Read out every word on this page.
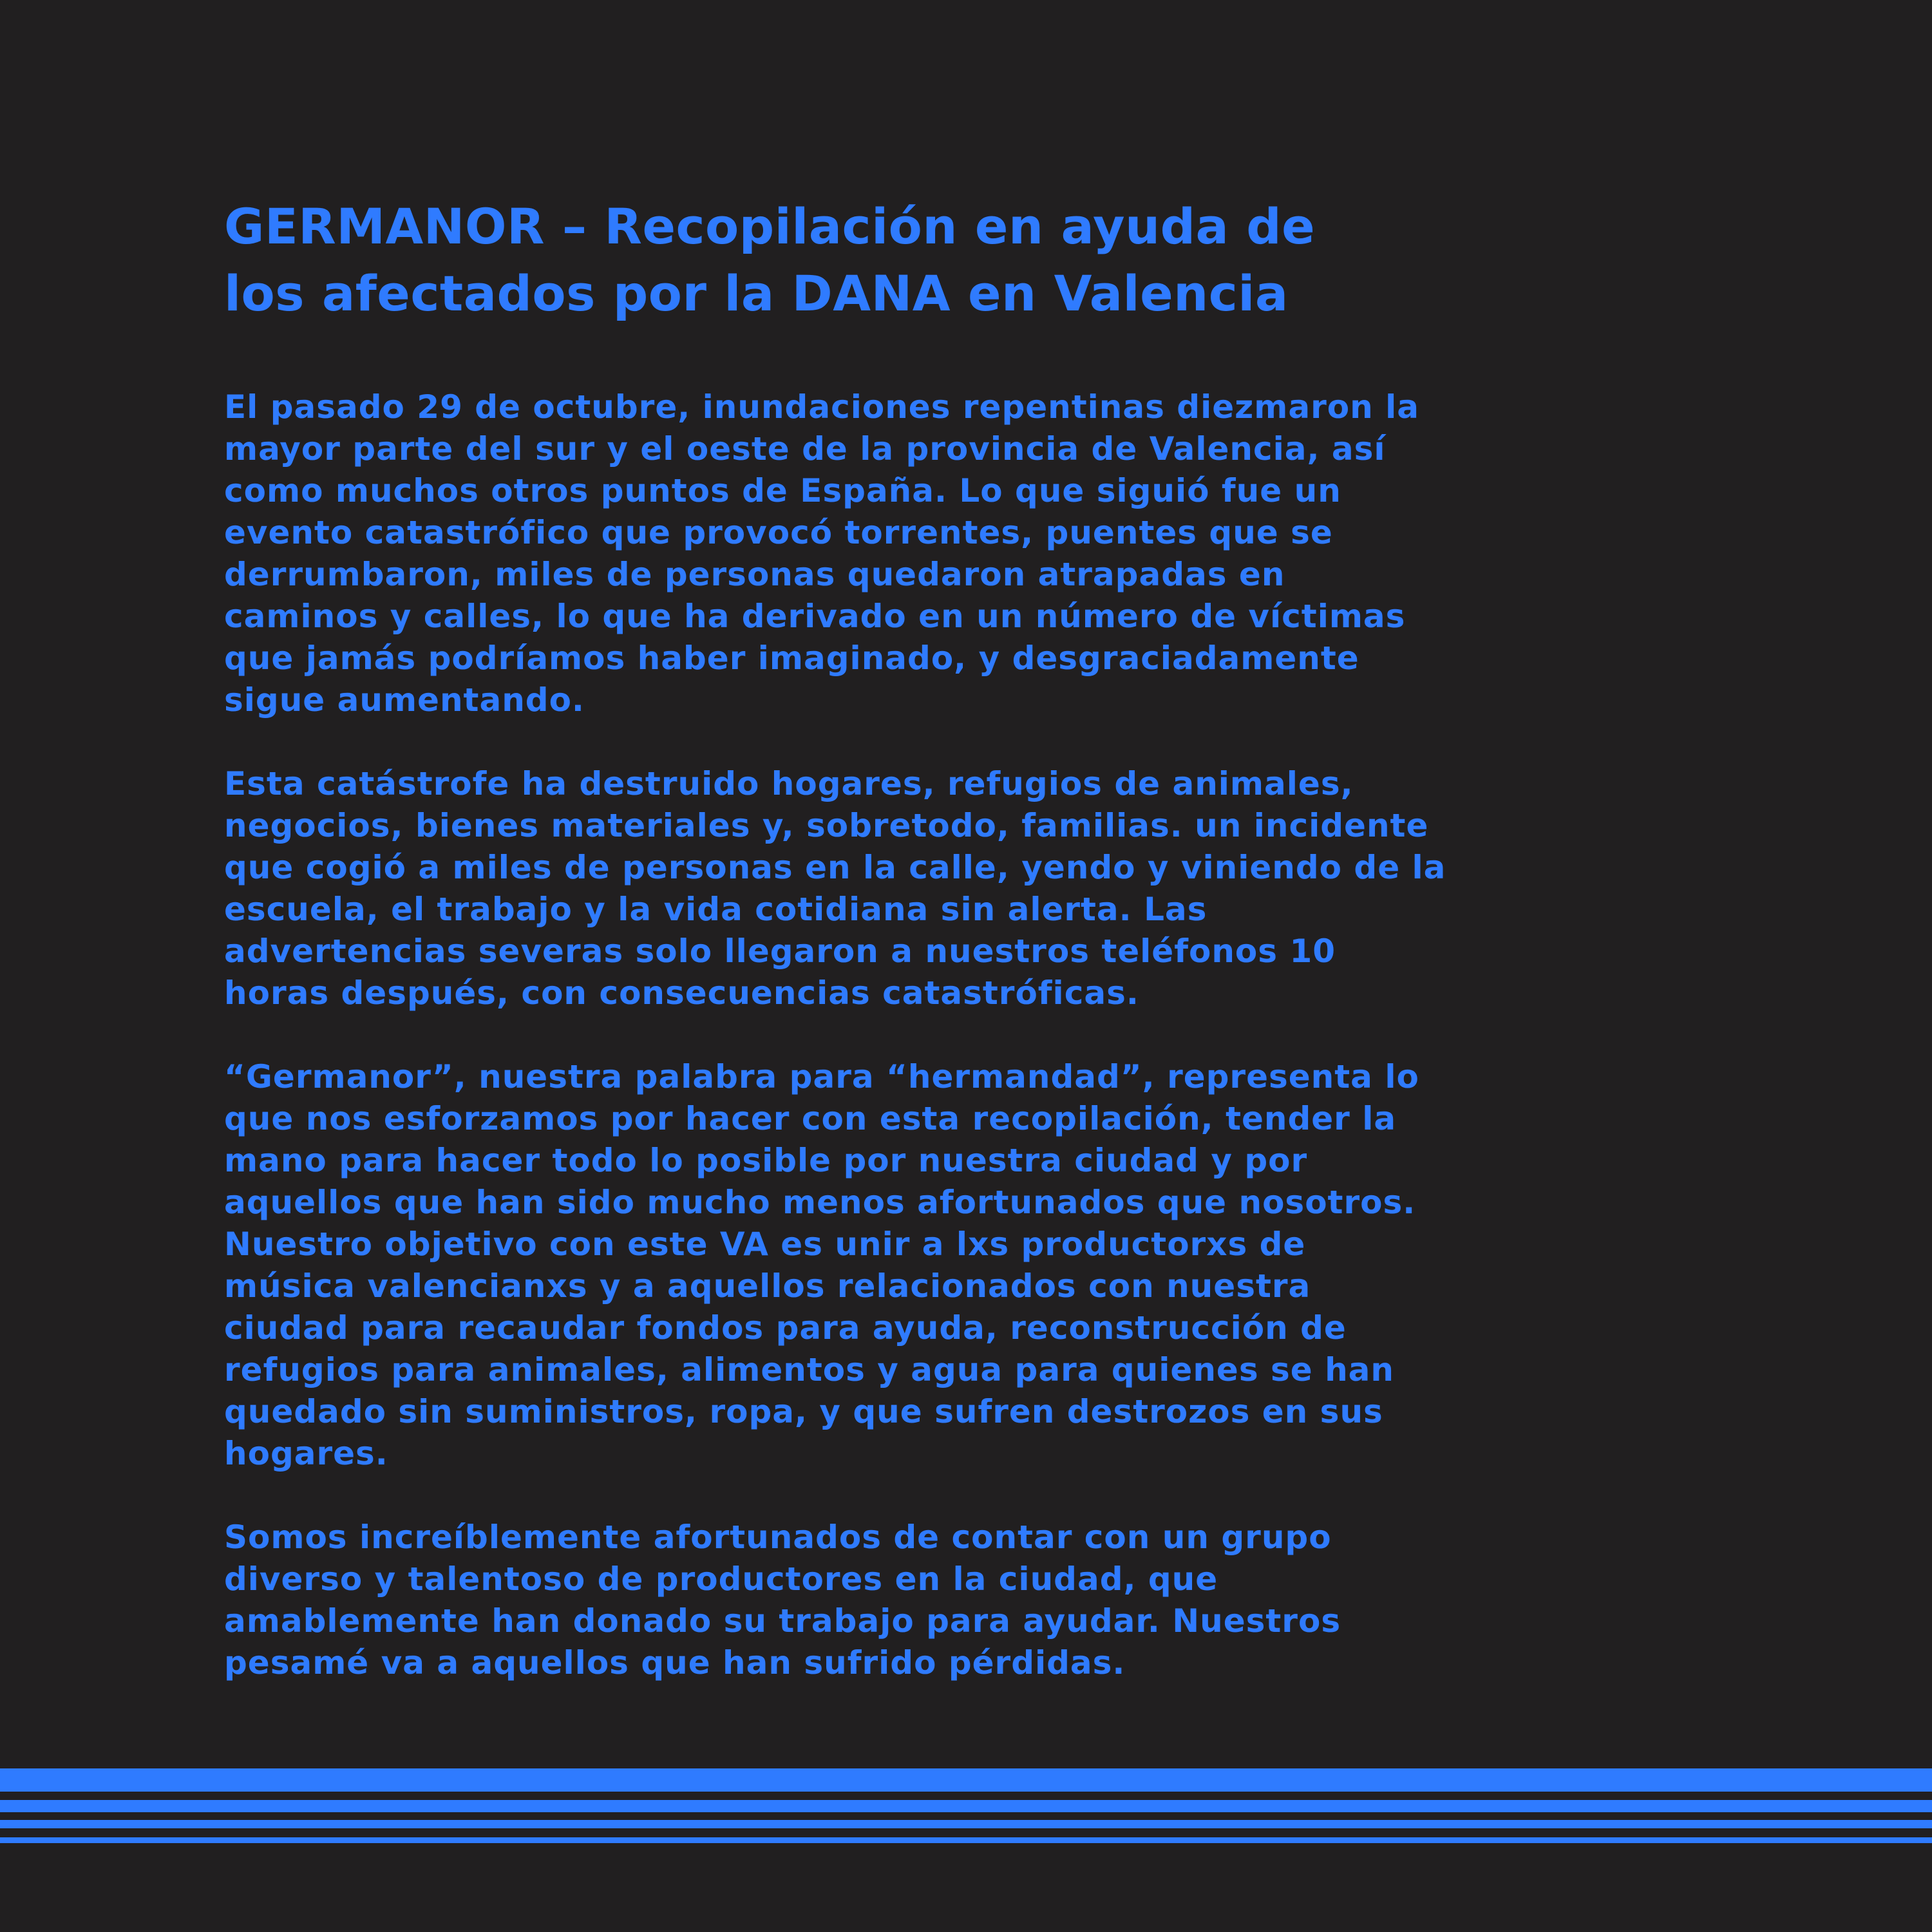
GERMANOR – Recopilación en ayuda de
los afectados por la DANA en Valencia

El pasado 29 de octubre, inundaciones repentinas diezmaron la
mayor parte del sur y el oeste de la provincia de Valencia, así
como muchos otros puntos de España. Lo que siguió fue un
evento catastrófico que provocó torrentes, puentes que se
derrumbaron, miles de personas quedaron atrapadas en
caminos y calles, lo que ha derivado en un número de víctimas
que jamás podríamos haber imaginado, y desgraciadamente
sigue aumentando.

Esta catástrofe ha destruido hogares, refugios de animales,
negocios, bienes materiales y, sobretodo, familias. un incidente
que cogió a miles de personas en la calle, yendo y viniendo de la
escuela, el trabajo y la vida cotidiana sin alerta. Las
advertencias severas solo llegaron a nuestros teléfonos 10
horas después, con consecuencias catastróficas.

“Germanor”, nuestra palabra para “hermandad”, representa lo
que nos esforzamos por hacer con esta recopilación, tender la
mano para hacer todo lo posible por nuestra ciudad y por
aquellos que han sido mucho menos afortunados que nosotros.
Nuestro objetivo con este VA es unir a lxs productorxs de
música valencianxs y a aquellos relacionados con nuestra
ciudad para recaudar fondos para ayuda, reconstrucción de
refugios para animales, alimentos y agua para quienes se han
quedado sin suministros, ropa, y que sufren destrozos en sus
hogares.

Somos increíblemente afortunados de contar con un grupo
diverso y talentoso de productores en la ciudad, que
amablemente han donado su trabajo para ayudar. Nuestros
pesamé va a aquellos que han sufrido pérdidas.
